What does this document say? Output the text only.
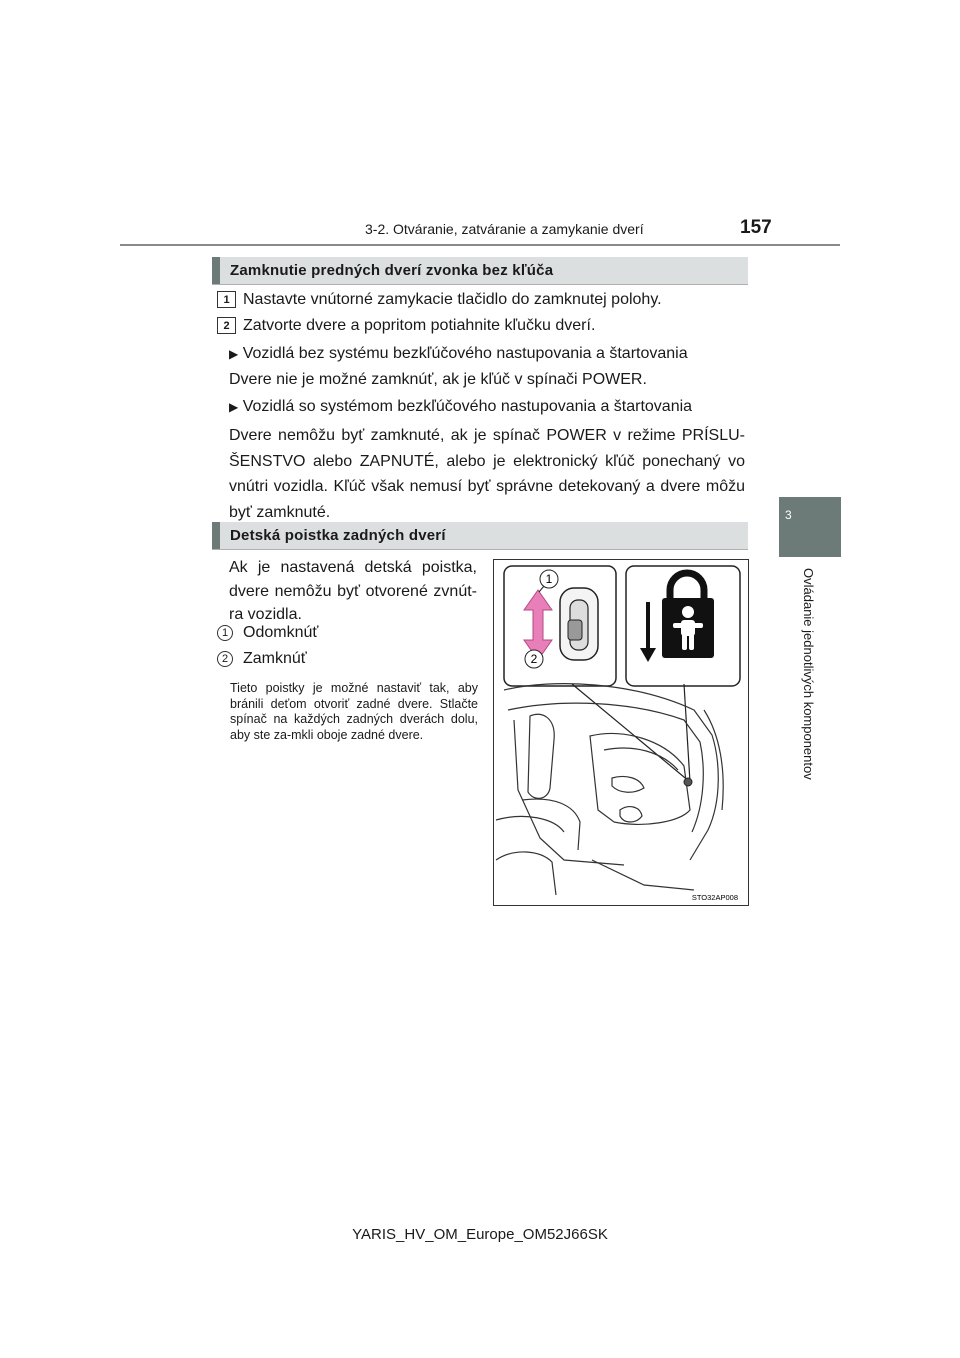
3-2. Otváranie, zatváranie a zamykanie dverí	157
3
Ovládanie jednotlivých komponentov
Zamknutie predných dverí zvonka bez kľúča
1 Nastavte vnútorné zamykacie tlačidlo do zamknutej polohy.
2 Zatvorte dvere a popritom potiahnite kľučku dverí.
▶ Vozidlá bez systému bezkľúčového nastupovania a štartovania
Dvere nie je možné zamknúť, ak je kľúč v spínači POWER.
▶ Vozidlá so systémom bezkľúčového nastupovania a štartovania
Dvere nemôžu byť zamknuté, ak je spínač POWER v režime PRÍSLU-ŠENSTVO alebo ZAPNUTÉ, alebo je elektronický kľúč ponechaný vo vnútri vozidla. Kľúč však nemusí byť správne detekovaný a dvere môžu byť zamknuté.
Detská poistka zadných dverí
Ak je nastavená detská poistka, dvere nemôžu byť otvorené zvnút-ra vozidla.
1 Odomknúť
2 Zamknúť
Tieto poistky je možné nastaviť tak, aby bránili deťom otvoriť zadné dvere. Stlačte spínač na každých zadných dverách dolu, aby ste za-mkli oboje zadné dvere.
1
2
STO32AP008
YARIS_HV_OM_Europe_OM52J66SK
